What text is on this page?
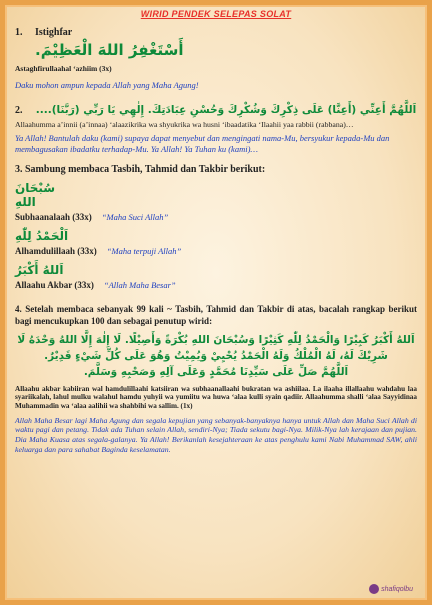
WIRID PENDEK SELEPAS SOLAT
1. Istighfar
أَسْتَغْفِرُ اللهَ الْعَظِيْمَ.
Astaghfirullaahal ‘azhiim (3x)
Daku mohon ampun kepada Allah yang Maha Agung!
2.	اَللَّهُمَّ أَعِنِّي (أَعِنَّا) عَلَى ذِكْرِكَ وَشُكْرِكَ وَحُسْنِ عِبَادَتِكَ. إِلٰهِي يَا رَبِّي (رَبَّنَا)....
Allaahumma a’innii (a’innaa) ‘alaazikrika wa shyukrika wa husni ‘ibaadatika ‘Ilaahii yaa rabbii (rabbana)…
Ya Allah! Bantulah daku (kami) supaya dapat menyebut dan mengingati nama-Mu, bersyukur kepada-Mu dan membagusakan ibadatku terhadap-Mu. Ya Allah! Ya Tuhan ku (kami)…
3. Sambung membaca Tasbih, Tahmid dan Takbir berikut:
سُبْحَانَ اللهِ
Subhaanalaah (33x) “Maha Suci Allah”
اَلْحَمْدُ لِلّٰهِ
Alhamdulillaah (33x) “Maha terpuji Allah”
اَللهُ أَكْبَرُ
Allaahu Akbar (33x) “Allah Maha Besar”
4. Setelah membaca sebanyak 99 kali ~ Tasbih, Tahmid dan Takbir di atas, bacalah rangkap berikut bagi mencukupkan 100 dan sebagai penutup wirid:
اَللهُ أَكْبَرُ كَبِيْرًا وَالْحَمْدُ لِلّٰهِ كَثِيْرًا وَسُبْحَانَ اللهِ بُكْرَةً وَأَصِيْلًا. لَا إِلٰهَ إِلَّا اللهُ وَحْدَهُ لَا
شَرِيْكَ لَهُ، لَهُ الْمُلْكُ وَلَهُ الْحَمْدُ يُحْيِيْ وَيُمِيْتُ وَهُوَ عَلَى كُلِّ شَيْءٍ قَدِيْرٌ.
اَللَّهُمَّ صَلِّ عَلَى سَيِّدِنَا مُحَمَّدٍ وَعَلَى آلِهِ وَصَحْبِهِ وَسَلَّمَ.
Allaahu akbar kabiiran wal hamdulillaahi katsiiran wa subhaanallaahi bukratan wa ashiilaa. La ilaaha illallaahu wahdahu laa syariikalah, lahul mulku walahul hamdu yuhyii wa yumiitu wa huwa ‘alaa kulli syain qadiir. Allaahumma shalli ‘alaa Sayyidinaa Muhammadin wa ‘alaa aalihii wa shahbihi wa sallim. (1x)
Allah Maha Besar lagi Maha Agung dan segala kepujian yang sebanyak-banyaknya hanya untuk Allah dan Maha Suci Allah di waktu pagi dan petang. Tidak ada Tuhan selain Allah, sendiri-Nya; Tiada sekutu bagi-Nya. Milik-Nya lah kerajaan dan pujian. Dia Maha Kuasa atas segala-galanya. Ya Allah! Berikanlah kesejahteraan ke atas penghulu kami Nabi Muhammad SAW, ahli keluarga dan para sahabat Baginda keselamatan.
shafiqolbu
